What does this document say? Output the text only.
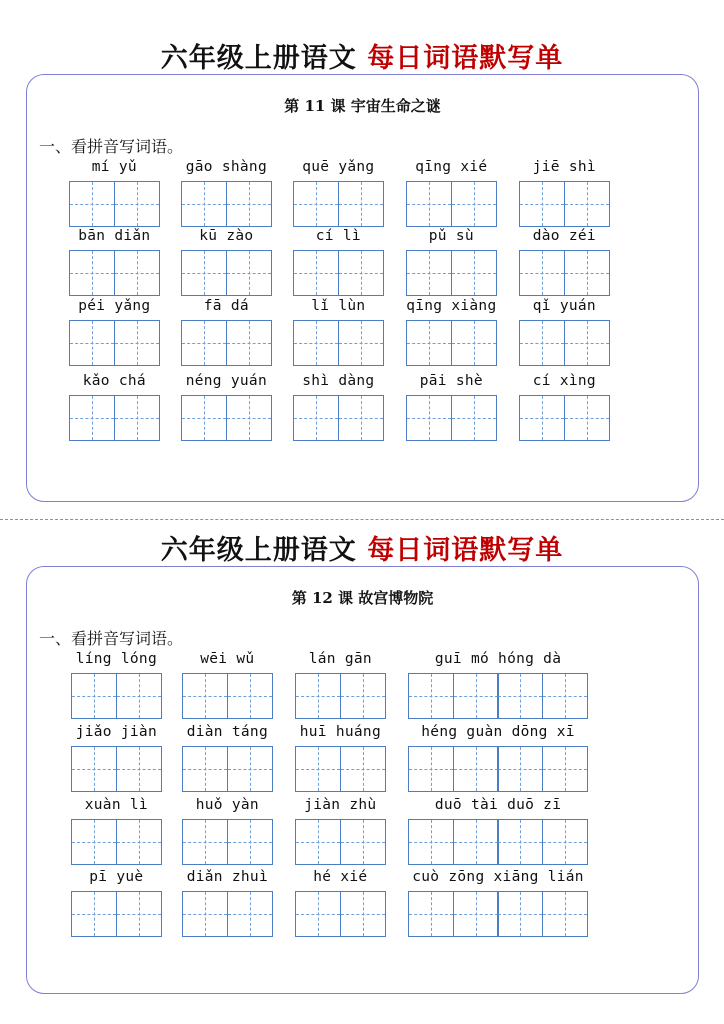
六年级上册语文 每日词语默写单
第 11 课 宇宙生命之谜
一、看拼音写词语。
mí yǔ	gāo shàng	quē yǎng	qīng xié	jiē shì
bān diǎn	kū zào	cí lì	pǔ sù	dào zéi
péi yǎng	fā dá	lǐ lùn	qīng xiàng	qǐ yuán
kǎo chá	néng yuán	shì dàng	pāi shè	cí xìng
六年级上册语文 每日词语默写单
第 12 课 故宫博物院
一、看拼音写词语。
líng lóng	wēi wǔ	lán gān	guī mó hóng dà
jiǎo jiàn	diàn táng	huī huáng	héng guàn dōng xī
xuàn lì	huǒ yàn	jiàn zhù	duō tài duō zī
pī yuè	diǎn zhuì	hé xié	cuò zōng xiāng lián
